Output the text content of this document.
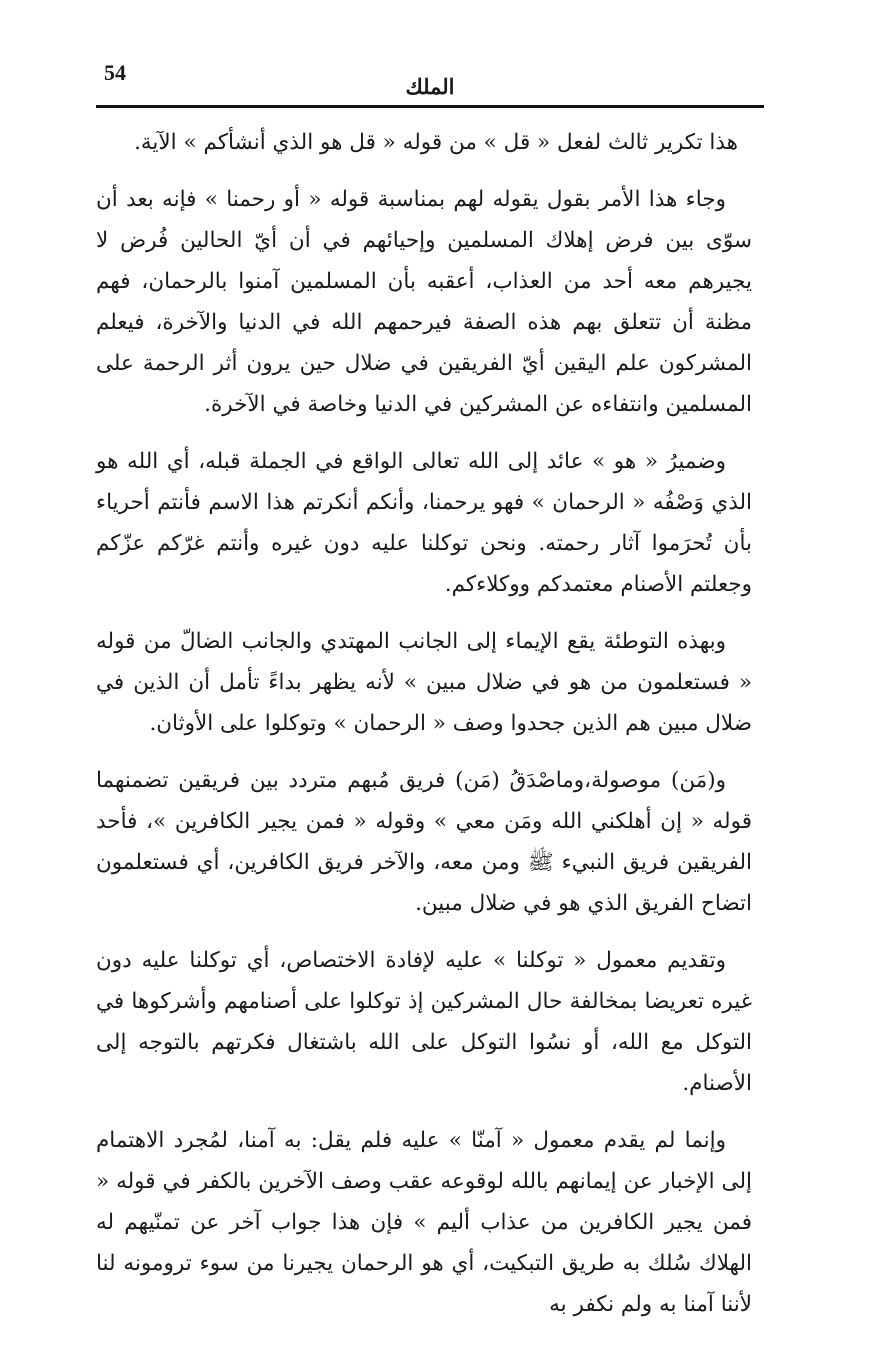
54
الملك

هذا تكرير ثالث لفعل « قل » من قوله « قل هو الذي أنشأكم » الآية.

وجاء هذا الأمر بقول يقوله لهم بمناسبة قوله « أو رحمنا » فإنه بعد أن سوّى بين فرض إهلاك المسلمين وإحيائهم في أن أيّ الحالين فُرض لا يجيرهم معه أحد من العذاب، أعقبه بأن المسلمين آمنوا بالرحمان، فهم مظنة أن تتعلق بهم هذه الصفة فيرحمهم الله في الدنيا والآخرة، فيعلم المشركون علم اليقين أيّ الفريقين في ضلال حين يرون أثر الرحمة على المسلمين وانتفاءه عن المشركين في الدنيا وخاصة في الآخرة.

وضميرُ « هو » عائد إلى الله تعالى الواقع في الجملة قبله، أي الله هو الذي وَصْفُه « الرحمان » فهو يرحمنا، وأنكم أنكرتم هذا الاسم فأنتم أحرياء بأن تُحرَموا آثار رحمته. ونحن توكلنا عليه دون غيره وأنتم غرّكم عزّكم وجعلتم الأصنام معتمدكم ووكلاءكم.

وبهذه التوطئة يقع الإيماء إلى الجانب المهتدي والجانب الضالّ من قوله « فستعلمون من هو في ضلال مبين » لأنه يظهر بداءً تأمل أن الذين في ضلال مبين هم الذين جحدوا وصف « الرحمان » وتوكلوا على الأوثان.

و(مَن) موصولة،وماصْدَقُ (مَن) فريق مُبهم متردد بين فريقين تضمنهما قوله « إن أهلكني الله ومَن معي » وقوله « فمن يجير الكافرين »، فأحد الفريقين فريق النبيء ﷺ ومن معه، والآخر فريق الكافرين، أي فستعلمون اتضاح الفريق الذي هو في ضلال مبين.

وتقديم معمول « توكلنا » عليه لإفادة الاختصاص، أي توكلنا عليه دون غيره تعريضا بمخالفة حال المشركين إذ توكلوا على أصنامهم وأشركوها في التوكل مع الله، أو نسُوا التوكل على الله باشتغال فكرتهم بالتوجه إلى الأصنام.

وإنما لم يقدم معمول « آمنّا » عليه فلم يقل: به آمنا، لمُجرد الاهتمام إلى الإخبار عن إيمانهم بالله لوقوعه عقب وصف الآخرين بالكفر في قوله « فمن يجير الكافرين من عذاب أليم » فإن هذا جواب آخر عن تمنّيهم له الهلاك سُلك به طريق التبكيت، أي هو الرحمان يجيرنا من سوء ترومونه لنا لأننا آمنا به ولم نكفر به
